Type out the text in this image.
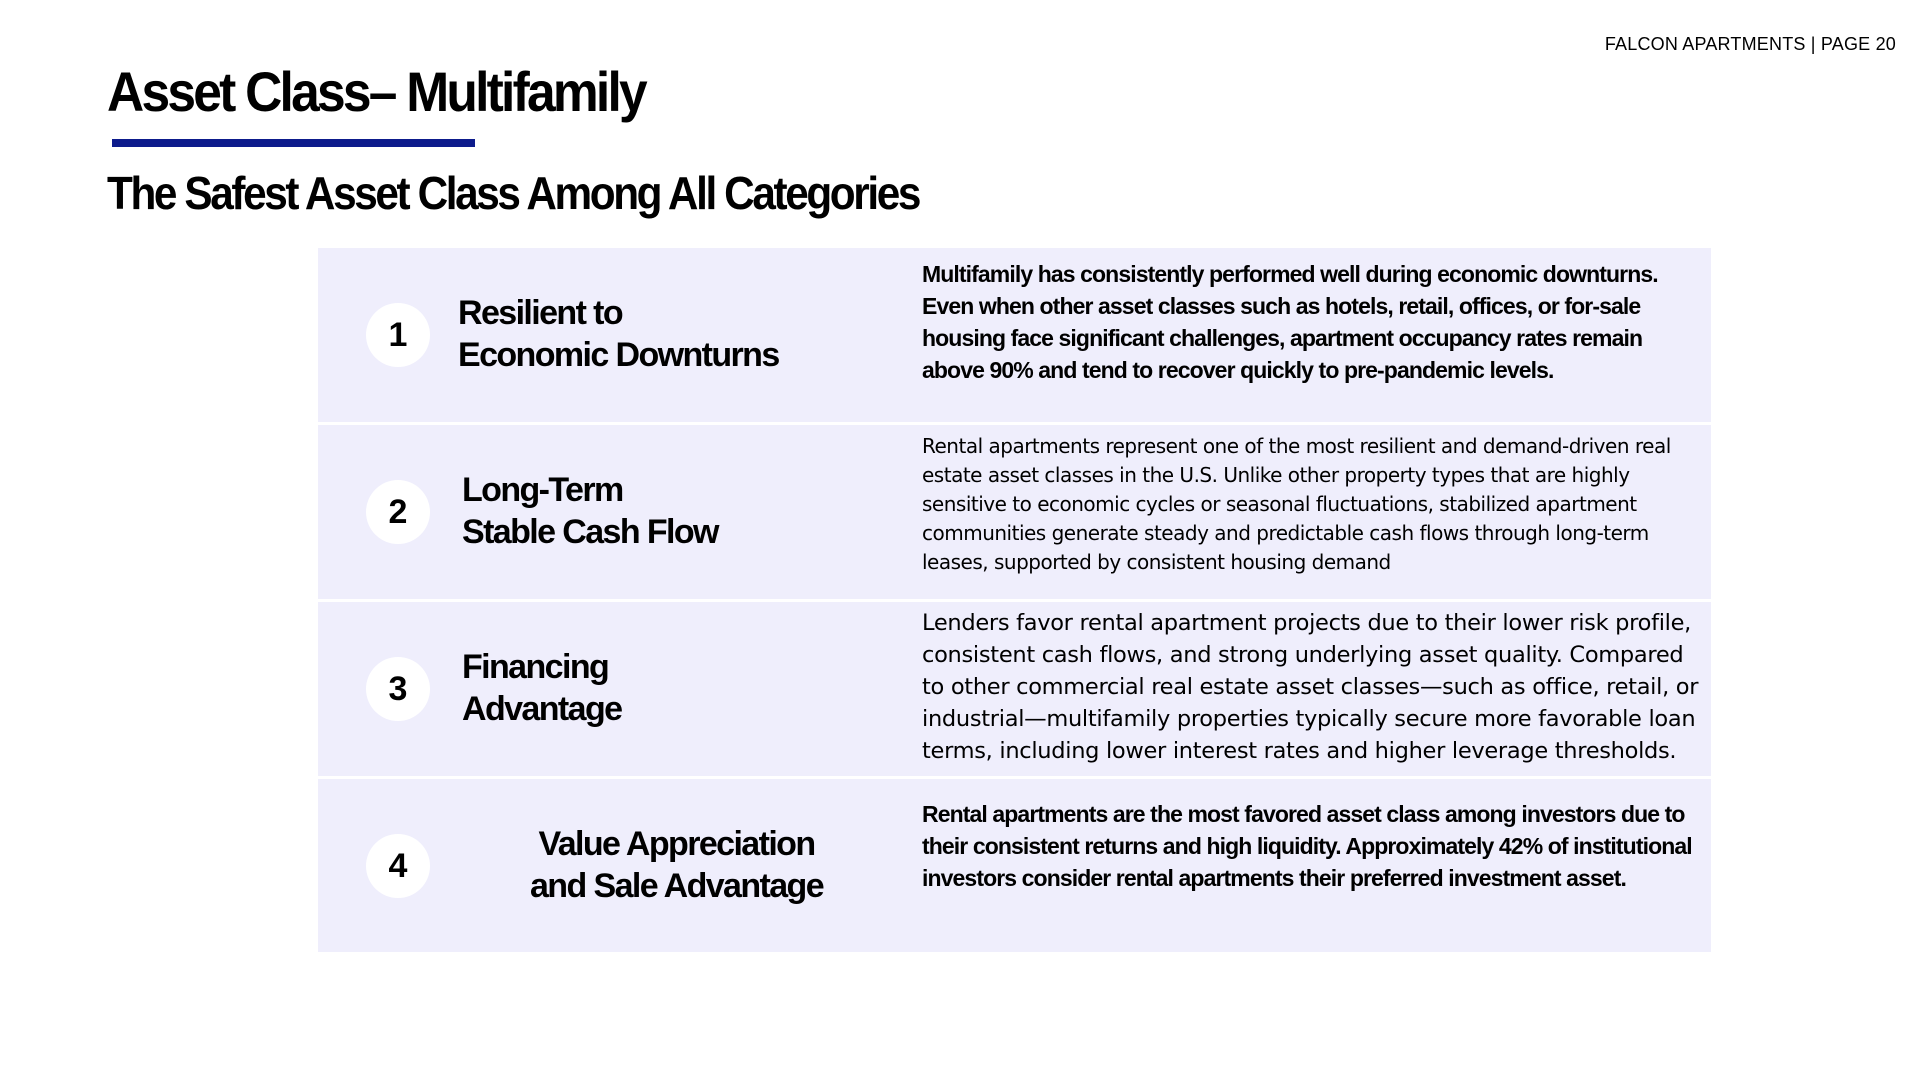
FALCON APARTMENTS | PAGE 20
Asset Class– Multifamily
The Safest Asset Class Among All Categories
1
Resilient to
Economic Downturns
Multifamily has consistently performed well during economic downturns. Even when other asset classes such as hotels, retail, offices, or for-sale housing face significant challenges, apartment occupancy rates remain above 90% and tend to recover quickly to pre-pandemic levels.
2
Long-Term
Stable Cash Flow
Rental apartments represent one of the most resilient and demand-driven real estate asset classes in the U.S. Unlike other property types that are highly sensitive to economic cycles or seasonal fluctuations, stabilized apartment communities generate steady and predictable cash flows through long-term leases, supported by consistent housing demand
3
Financing
Advantage
Lenders favor rental apartment projects due to their lower risk profile, consistent cash flows, and strong underlying asset quality. Compared to other commercial real estate asset classes—such as office, retail, or industrial—multifamily properties typically secure more favorable loan terms, including lower interest rates and higher leverage thresholds.
4
Value Appreciation
and Sale Advantage
Rental apartments are the most favored asset class among investors due to their consistent returns and high liquidity. Approximately 42% of institutional investors consider rental apartments their preferred investment asset.
